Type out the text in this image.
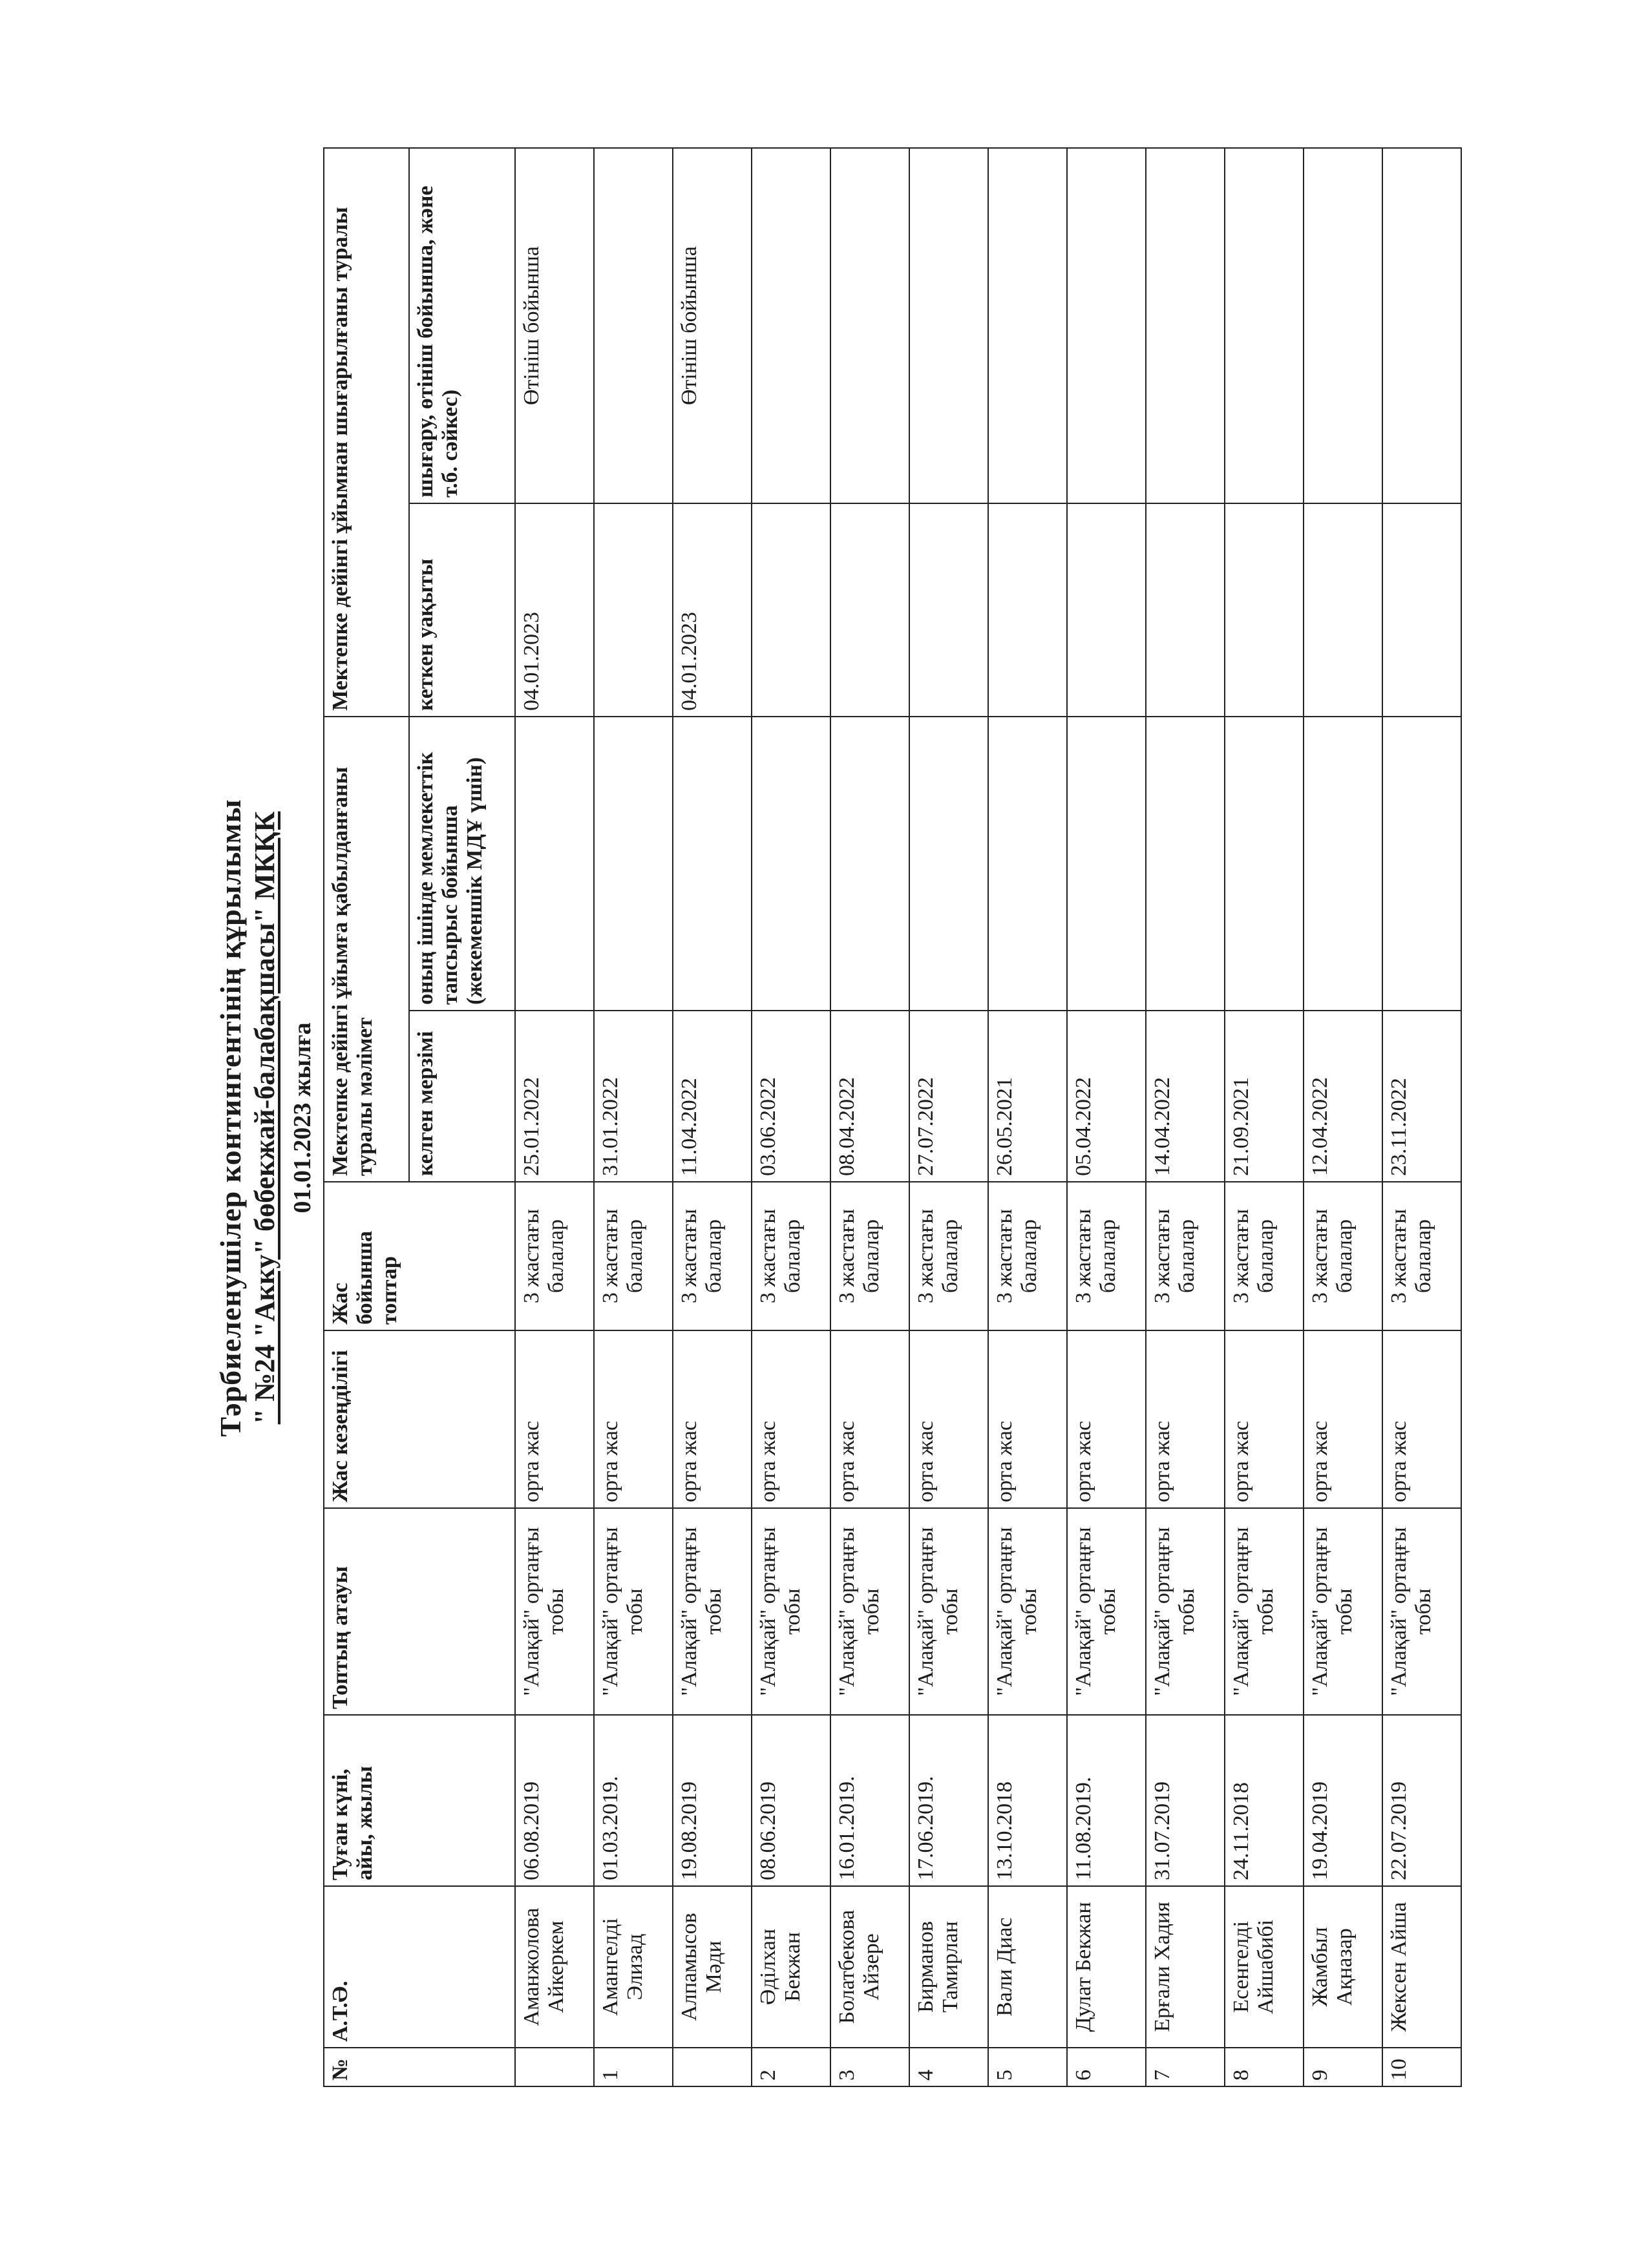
Тәрбиеленушілер контингентінің құрылымы " №24 "Акку" бөбекжай-балабақшасы" МКҚК 01.01.2023 жылға
№	А.Т.Ә.	Туған күні, айы, жылы	Топтың атауы	Жас кезеңділігі	Жас бойынша топтар	Мектепке дейінгі ұйымға қабылданғаны туралы мәлімет		Мектепке дейінгі ұйымнан шығарылғаны туралы	
						келген мерзімі	оның ішінде мемлекеттік тапсырыс бойынша (жекеменшік МДҰ үшін)	кеткен уақыты	шығару, өтініш бойынша, және т.б. сәйкес)
	Аманжолова Айкеркем	06.08.2019	"Алақай" ортаңғы тобы	орта жас	3 жастағы балалар	25.01.2022		04.01.2023	Өтініш бойынша
1	Амангелді Элизад	01.03.2019.	"Алақай" ортаңғы тобы	орта жас	3 жастағы балалар	31.01.2022			
	Алпамысов Мәди	19.08.2019	"Алақай" ортаңғы тобы	орта жас	3 жастағы балалар	11.04.2022		04.01.2023	Өтініш бойынша
2	Әділхан Бекжан	08.06.2019	"Алақай" ортаңғы тобы	орта жас	3 жастағы балалар	03.06.2022			
3	Болатбекова Айзере	16.01.2019.	"Алақай" ортаңғы тобы	орта жас	3 жастағы балалар	08.04.2022			
4	Бирманов Тамирлан	17.06.2019.	"Алақай" ортаңғы тобы	орта жас	3 жастағы балалар	27.07.2022			
5	Вали Диас	13.10.2018	"Алақай" ортаңғы тобы	орта жас	3 жастағы балалар	26.05.2021			
6	Дулат Бекжан	11.08.2019.	"Алақай" ортаңғы тобы	орта жас	3 жастағы балалар	05.04.2022			
7	Ерғали Хадия	31.07.2019	"Алақай" ортаңғы тобы	орта жас	3 жастағы балалар	14.04.2022			
8	Есенгелді Айшабибі	24.11.2018	"Алақай" ортаңғы тобы	орта жас	3 жастағы балалар	21.09.2021			
9	Жамбыл Ақназар	19.04.2019	"Алақай" ортаңғы тобы	орта жас	3 жастағы балалар	12.04.2022			
10	Жексен Айша	22.07.2019	"Алақай" ортаңғы тобы	орта жас	3 жастағы балалар	23.11.2022			
